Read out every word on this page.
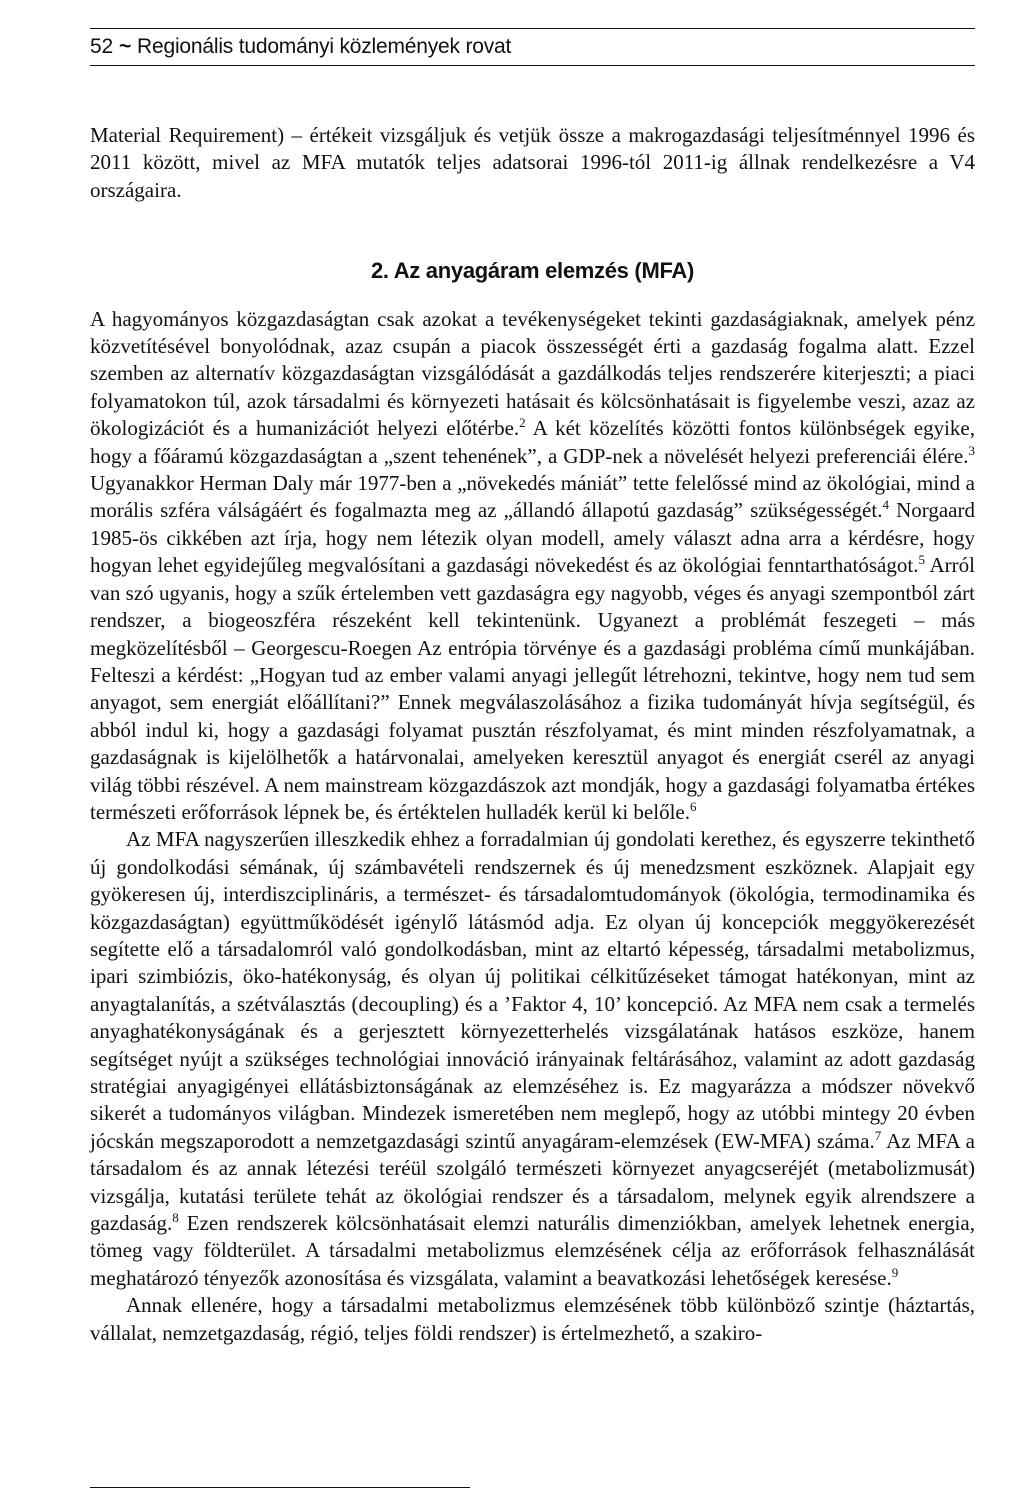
52 ~ Regionális tudományi közlemények rovat

Material Requirement) – értékeit vizsgáljuk és vetjük össze a makrogazdasági teljesítménnyel 1996 és 2011 között, mivel az MFA mutatók teljes adatsorai 1996-tól 2011-ig állnak rendelkezésre a V4 országaira.

2. Az anyagáram elemzés (MFA)

A hagyományos közgazdaságtan csak azokat a tevékenységeket tekinti gazdaságiaknak, amelyek pénz közvetítésével bonyolódnak, azaz csupán a piacok összességét érti a gazdaság fogalma alatt. Ezzel szemben az alternatív közgazdaságtan vizsgálódását a gazdálkodás teljes rendszerére kiterjeszti; a piaci folyamatokon túl, azok társadalmi és környezeti hatásait és kölcsönhatásait is figyelembe veszi, azaz az ökologizációt és a humanizációt helyezi előtérbe.$^2$ A két közelítés közötti fontos különbségek egyike, hogy a főáramú közgazdaságtan a „szent tehenének”, a GDP-nek a növelését helyezi preferenciái élére.$^3$ Ugyanakkor Herman Daly már 1977-ben a „növekedés mániát” tette felelőssé mind az ökológiai, mind a morális szféra válságáért és fogalmazta meg az „állandó állapotú gazdaság” szükségességét.$^4$ Norgaard 1985-ös cikkében azt írja, hogy nem létezik olyan modell, amely választ adna arra a kérdésre, hogy hogyan lehet egyidejűleg megvalósítani a gazdasági növekedést és az ökológiai fenntarthatóságot.$^5$ Arról van szó ugyanis, hogy a szűk értelemben vett gazdaságra egy nagyobb, véges és anyagi szempontból zárt rendszer, a biogeoszféra részeként kell tekintenünk. Ugyanezt a problémát feszegeti – más megközelítésből – Georgescu-Roegen Az entrópia törvénye és a gazdasági probléma című munkájában. Felteszi a kérdést: „Hogyan tud az ember valami anyagi jellegűt létrehozni, tekintve, hogy nem tud sem anyagot, sem energiát előállítani?” Ennek megválaszolásához a fizika tudományát hívja segítségül, és abból indul ki, hogy a gazdasági folyamat pusztán részfolyamat, és mint minden részfolyamatnak, a gazdaságnak is kijelölhetők a határvonalai, amelyeken keresztül anyagot és energiát cserél az anyagi világ többi részével. A nem mainstream közgazdászok azt mondják, hogy a gazdasági folyamatba értékes természeti erőforrások lépnek be, és értéktelen hulladék kerül ki belőle.$^6$

Az MFA nagyszerűen illeszkedik ehhez a forradalmian új gondolati kerethez, és egyszerre tekinthető új gondolkodási sémának, új számbavételi rendszernek és új menedzsment eszköznek. Alapjait egy gyökeresen új, interdiszciplináris, a természet- és társadalomtudományok (ökológia, termodinamika és közgazdaságtan) együttműködését igénylő látásmód adja. Ez olyan új koncepciók meggyökerezését segítette elő a társadalomról való gondolkodásban, mint az eltartó képesség, társadalmi metabolizmus, ipari szimbiózis, öko-hatékonyság, és olyan új politikai célkitűzéseket támogat hatékonyan, mint az anyagtalanítás, a szétválasztás (decoupling) és a ’Faktor 4, 10’ koncepció. Az MFA nem csak a termelés anyaghatékonyságának és a gerjesztett környezetterhelés vizsgálatának hatásos eszköze, hanem segítséget nyújt a szükséges technológiai innováció irányainak feltárásához, valamint az adott gazdaság stratégiai anyagigényei ellátásbiztonságának az elemzéséhez is. Ez magyarázza a módszer növekvő sikerét a tudományos világban. Mindezek ismeretében nem meglepő, hogy az utóbbi mintegy 20 évben jócskán megszaporodott a nemzetgazdasági szintű anyagáram-elemzések (EW-MFA) száma.$^7$ Az MFA a társadalom és az annak létezési teréül szolgáló természeti környezet anyagcseréjét (metabolizmusát) vizsgálja, kutatási területe tehát az ökológiai rendszer és a társadalom, melynek egyik alrendszere a gazdaság.$^8$ Ezen rendszerek kölcsönhatásait elemzi naturális dimenziókban, amelyek lehetnek energia, tömeg vagy földterület. A társadalmi metabolizmus elemzésének célja az erőforrások felhasználását meghatározó tényezők azonosítása és vizsgálata, valamint a beavatkozási lehetőségek keresése.$^9$

Annak ellenére, hogy a társadalmi metabolizmus elemzésének több különböző szintje (háztartás, vállalat, nemzetgazdaság, régió, teljes földi rendszer) is értelmezhető, a szakiro-
